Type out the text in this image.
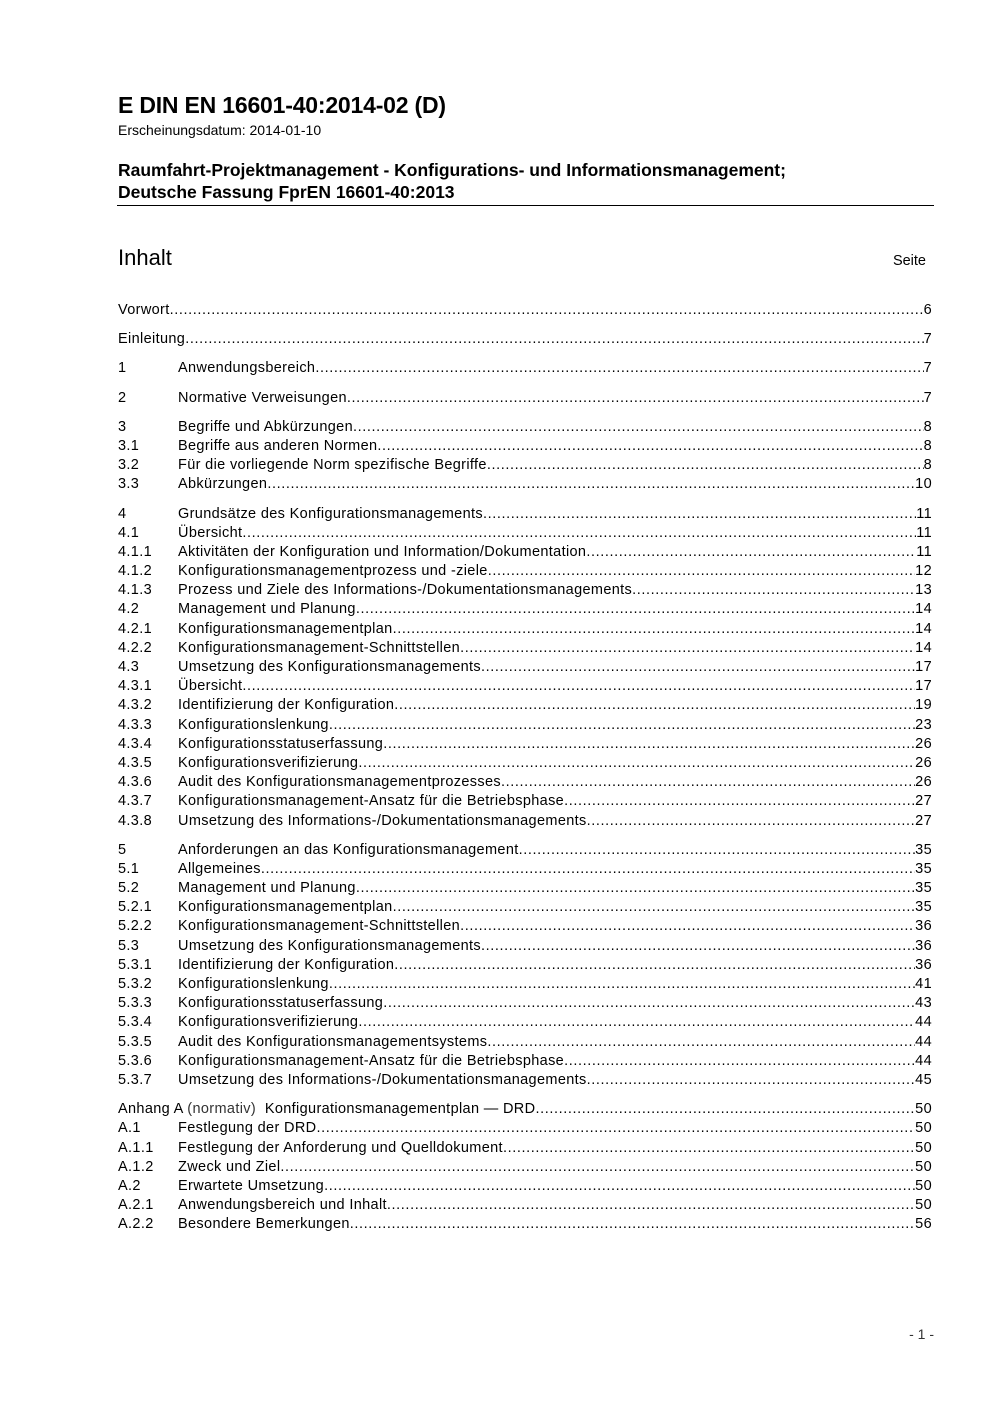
E DIN EN 16601-40:2014-02 (D)
Erscheinungsdatum: 2014-01-10
Raumfahrt-Projektmanagement - Konfigurations- und Informationsmanagement;
Deutsche Fassung FprEN 16601-40:2013
Inhalt	Seite
Vorwort .....	6
Einleitung .....	7
1	Anwendungsbereich .....	7
2	Normative Verweisungen .....	7
3	Begriffe und Abkürzungen .....	8
3.1	Begriffe aus anderen Normen .....	8
3.2	Für die vorliegende Norm spezifische Begriffe .....	8
3.3	Abkürzungen .....	10
4	Grundsätze des Konfigurationsmanagements .....	11
4.1	Übersicht .....	11
4.1.1	Aktivitäten der Konfiguration und Information/Dokumentation .....	11
4.1.2	Konfigurationsmanagementprozess und -ziele .....	12
4.1.3	Prozess und Ziele des Informations-/Dokumentationsmanagements .....	13
4.2	Management und Planung .....	14
4.2.1	Konfigurationsmanagementplan .....	14
4.2.2	Konfigurationsmanagement-Schnittstellen .....	14
4.3	Umsetzung des Konfigurationsmanagements .....	17
4.3.1	Übersicht .....	17
4.3.2	Identifizierung der Konfiguration .....	19
4.3.3	Konfigurationslenkung .....	23
4.3.4	Konfigurationsstatuserfassung .....	26
4.3.5	Konfigurationsverifizierung .....	26
4.3.6	Audit des Konfigurationsmanagementprozesses .....	26
4.3.7	Konfigurationsmanagement-Ansatz für die Betriebsphase .....	27
4.3.8	Umsetzung des Informations-/Dokumentationsmanagements .....	27
5	Anforderungen an das Konfigurationsmanagement .....	35
5.1	Allgemeines .....	35
5.2	Management und Planung .....	35
5.2.1	Konfigurationsmanagementplan .....	35
5.2.2	Konfigurationsmanagement-Schnittstellen .....	36
5.3	Umsetzung des Konfigurationsmanagements .....	36
5.3.1	Identifizierung der Konfiguration .....	36
5.3.2	Konfigurationslenkung .....	41
5.3.3	Konfigurationsstatuserfassung .....	43
5.3.4	Konfigurationsverifizierung .....	44
5.3.5	Audit des Konfigurationsmanagementsystems .....	44
5.3.6	Konfigurationsmanagement-Ansatz für die Betriebsphase .....	44
5.3.7	Umsetzung des Informations-/Dokumentationsmanagements .....	45
Anhang A (normativ) Konfigurationsmanagementplan — DRD .....	50
A.1	Festlegung der DRD .....	50
A.1.1	Festlegung der Anforderung und Quelldokument .....	50
A.1.2	Zweck und Ziel .....	50
A.2	Erwartete Umsetzung .....	50
A.2.1	Anwendungsbereich und Inhalt .....	50
A.2.2	Besondere Bemerkungen .....	56
- 1 -
